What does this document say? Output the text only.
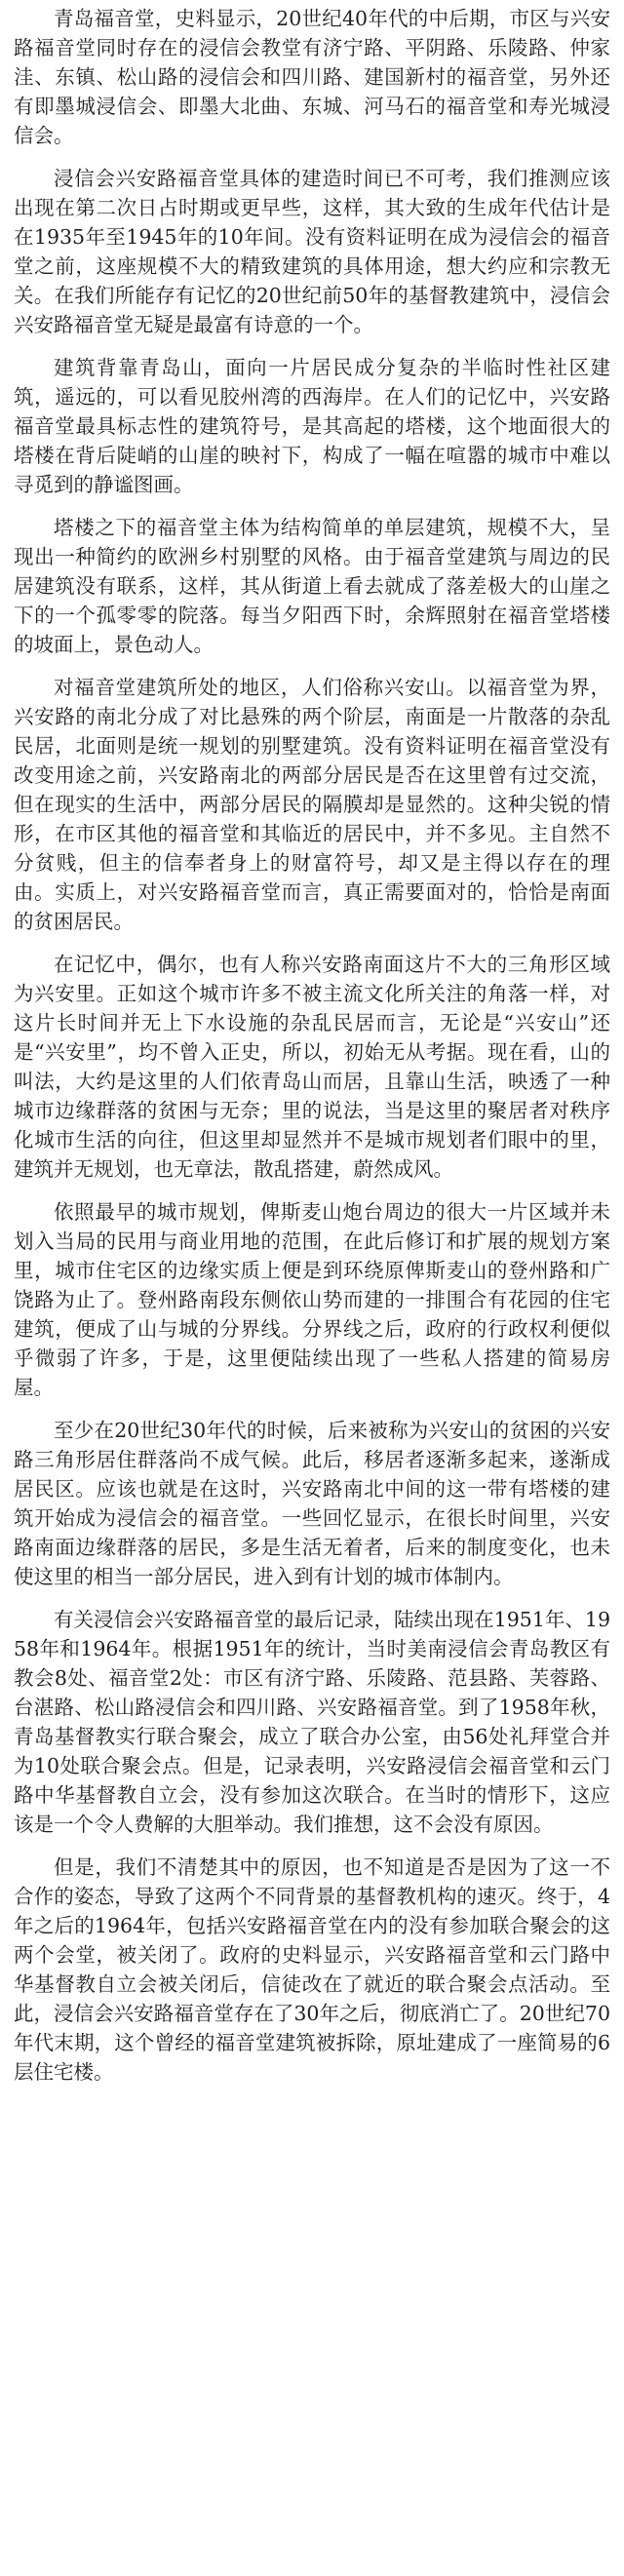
青岛福音堂，史料显示，20世纪40年代的中后期，市区与兴安路福音堂同时存在的浸信会教堂有济宁路、平阴路、乐陵路、仲家洼、东镇、松山路的浸信会和四川路、建国新村的福音堂，另外还有即墨城浸信会、即墨大北曲、东城、河马石的福音堂和寿光城浸信会。

浸信会兴安路福音堂具体的建造时间已不可考，我们推测应该出现在第二次日占时期或更早些，这样，其大致的生成年代估计是在1935年至1945年的10年间。没有资料证明在成为浸信会的福音堂之前，这座规模不大的精致建筑的具体用途，想大约应和宗教无关。在我们所能存有记忆的20世纪前50年的基督教建筑中，浸信会兴安路福音堂无疑是最富有诗意的一个。

建筑背靠青岛山，面向一片居民成分复杂的半临时性社区建筑，遥远的，可以看见胶州湾的西海岸。在人们的记忆中，兴安路福音堂最具标志性的建筑符号，是其高起的塔楼，这个地面很大的塔楼在背后陡峭的山崖的映衬下，构成了一幅在喧嚣的城市中难以寻觅到的静谧图画。

塔楼之下的福音堂主体为结构简单的单层建筑，规模不大，呈现出一种简约的欧洲乡村别墅的风格。由于福音堂建筑与周边的民居建筑没有联系，这样，其从街道上看去就成了落差极大的山崖之下的一个孤零零的院落。每当夕阳西下时，余辉照射在福音堂塔楼的坡面上，景色动人。

对福音堂建筑所处的地区，人们俗称兴安山。以福音堂为界，兴安路的南北分成了对比悬殊的两个阶层，南面是一片散落的杂乱民居，北面则是统一规划的别墅建筑。没有资料证明在福音堂没有改变用途之前，兴安路南北的两部分居民是否在这里曾有过交流，但在现实的生活中，两部分居民的隔膜却是显然的。这种尖锐的情形，在市区其他的福音堂和其临近的居民中，并不多见。主自然不分贫贱，但主的信奉者身上的财富符号，却又是主得以存在的理由。实质上，对兴安路福音堂而言，真正需要面对的，恰恰是南面的贫困居民。

在记忆中，偶尔，也有人称兴安路南面这片不大的三角形区域为兴安里。正如这个城市许多不被主流文化所关注的角落一样，对这片长时间并无上下水设施的杂乱民居而言，无论是“兴安山”还是“兴安里”，均不曾入正史，所以，初始无从考据。现在看，山的叫法，大约是这里的人们依青岛山而居，且靠山生活，映透了一种城市边缘群落的贫困与无奈；里的说法，当是这里的聚居者对秩序化城市生活的向往，但这里却显然并不是城市规划者们眼中的里，建筑并无规划，也无章法，散乱搭建，蔚然成风。

依照最早的城市规划，俾斯麦山炮台周边的很大一片区域并未划入当局的民用与商业用地的范围，在此后修订和扩展的规划方案里，城市住宅区的边缘实质上便是到环绕原俾斯麦山的登州路和广饶路为止了。登州路南段东侧依山势而建的一排围合有花园的住宅建筑，便成了山与城的分界线。分界线之后，政府的行政权利便似乎微弱了许多，于是，这里便陆续出现了一些私人搭建的简易房屋。

至少在20世纪30年代的时候，后来被称为兴安山的贫困的兴安路三角形居住群落尚不成气候。此后，移居者逐渐多起来，遂渐成居民区。应该也就是在这时，兴安路南北中间的这一带有塔楼的建筑开始成为浸信会的福音堂。一些回忆显示，在很长时间里，兴安路南面边缘群落的居民，多是生活无着者，后来的制度变化，也未使这里的相当一部分居民，进入到有计划的城市体制内。

有关浸信会兴安路福音堂的最后记录，陆续出现在1951年、1958年和1964年。根据1951年的统计，当时美南浸信会青岛教区有教会8处、福音堂2处：市区有济宁路、乐陵路、范县路、芙蓉路、台湛路、松山路浸信会和四川路、兴安路福音堂。到了1958年秋，青岛基督教实行联合聚会，成立了联合办公室，由56处礼拜堂合并为10处联合聚会点。但是，记录表明，兴安路浸信会福音堂和云门路中华基督教自立会，没有参加这次联合。在当时的情形下，这应该是一个令人费解的大胆举动。我们推想，这不会没有原因。

但是，我们不清楚其中的原因，也不知道是否是因为了这一不合作的姿态，导致了这两个不同背景的基督教机构的速灭。终于，4年之后的1964年，包括兴安路福音堂在内的没有参加联合聚会的这两个会堂，被关闭了。政府的史料显示，兴安路福音堂和云门路中华基督教自立会被关闭后，信徒改在了就近的联合聚会点活动。至此，浸信会兴安路福音堂存在了30年之后，彻底消亡了。20世纪70年代末期，这个曾经的福音堂建筑被拆除，原址建成了一座简易的6层住宅楼。
